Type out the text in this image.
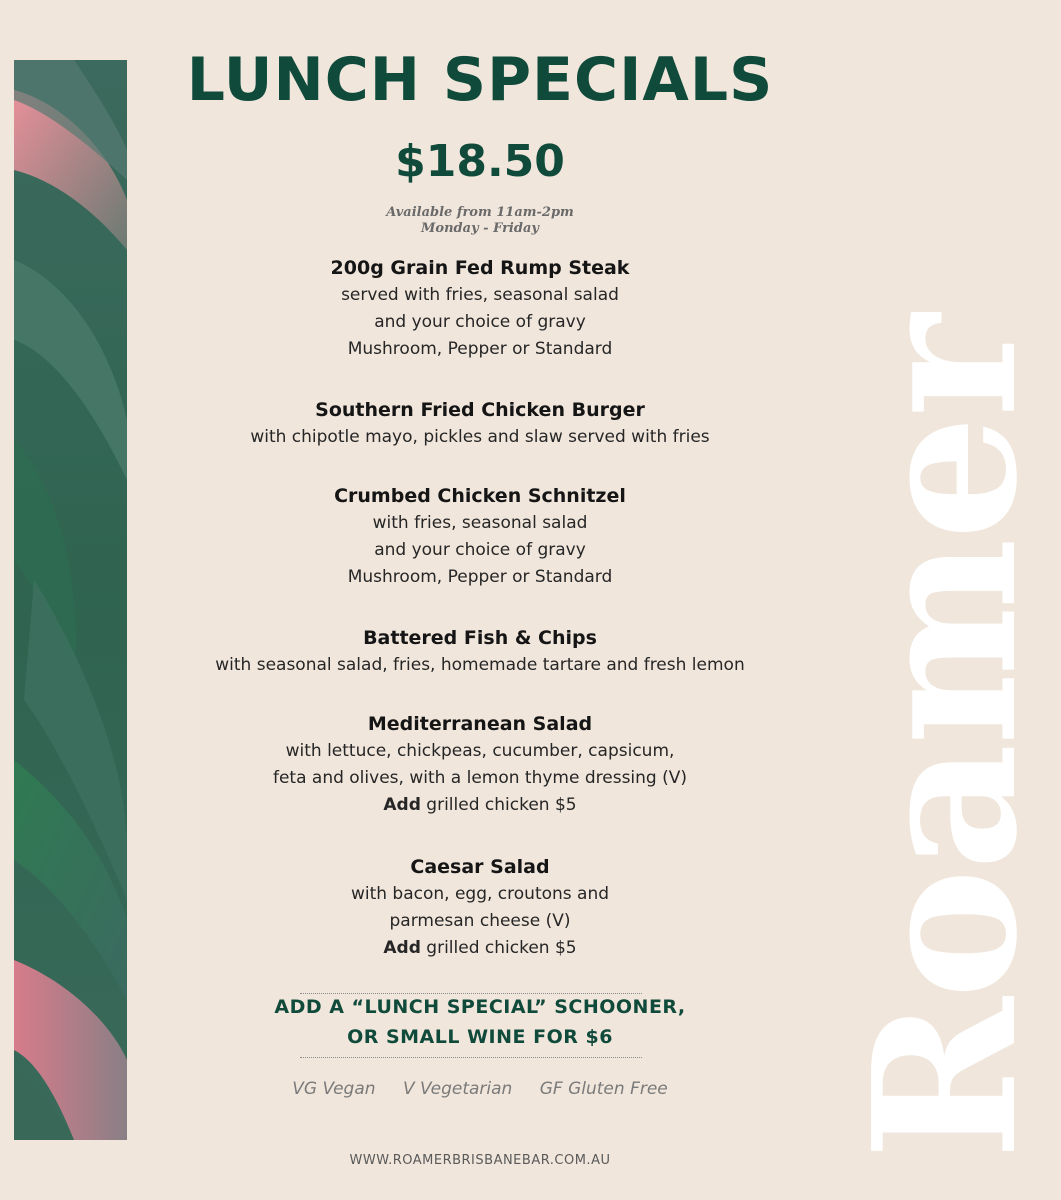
Roamer
LUNCH SPECIALS
$18.50
Available from 11am-2pm
Monday - Friday
200g Grain Fed Rump Steak
served with fries, seasonal salad
and your choice of gravy
Mushroom, Pepper or Standard
Southern Fried Chicken Burger
with chipotle mayo, pickles and slaw served with fries
Crumbed Chicken Schnitzel
with fries, seasonal salad
and your choice of gravy
Mushroom, Pepper or Standard
Battered Fish & Chips
with seasonal salad, fries, homemade tartare and fresh lemon
Mediterranean Salad
with lettuce, chickpeas, cucumber, capsicum,
feta and olives, with a lemon thyme dressing (V)
Add grilled chicken $5
Caesar Salad
with bacon, egg, croutons and
parmesan cheese (V)
Add grilled chicken $5
ADD A “LUNCH SPECIAL” SCHOONER,
OR SMALL WINE FOR $6
VG Vegan V Vegetarian GF Gluten Free
WWW.ROAMERBRISBANEBAR.COM.AU
